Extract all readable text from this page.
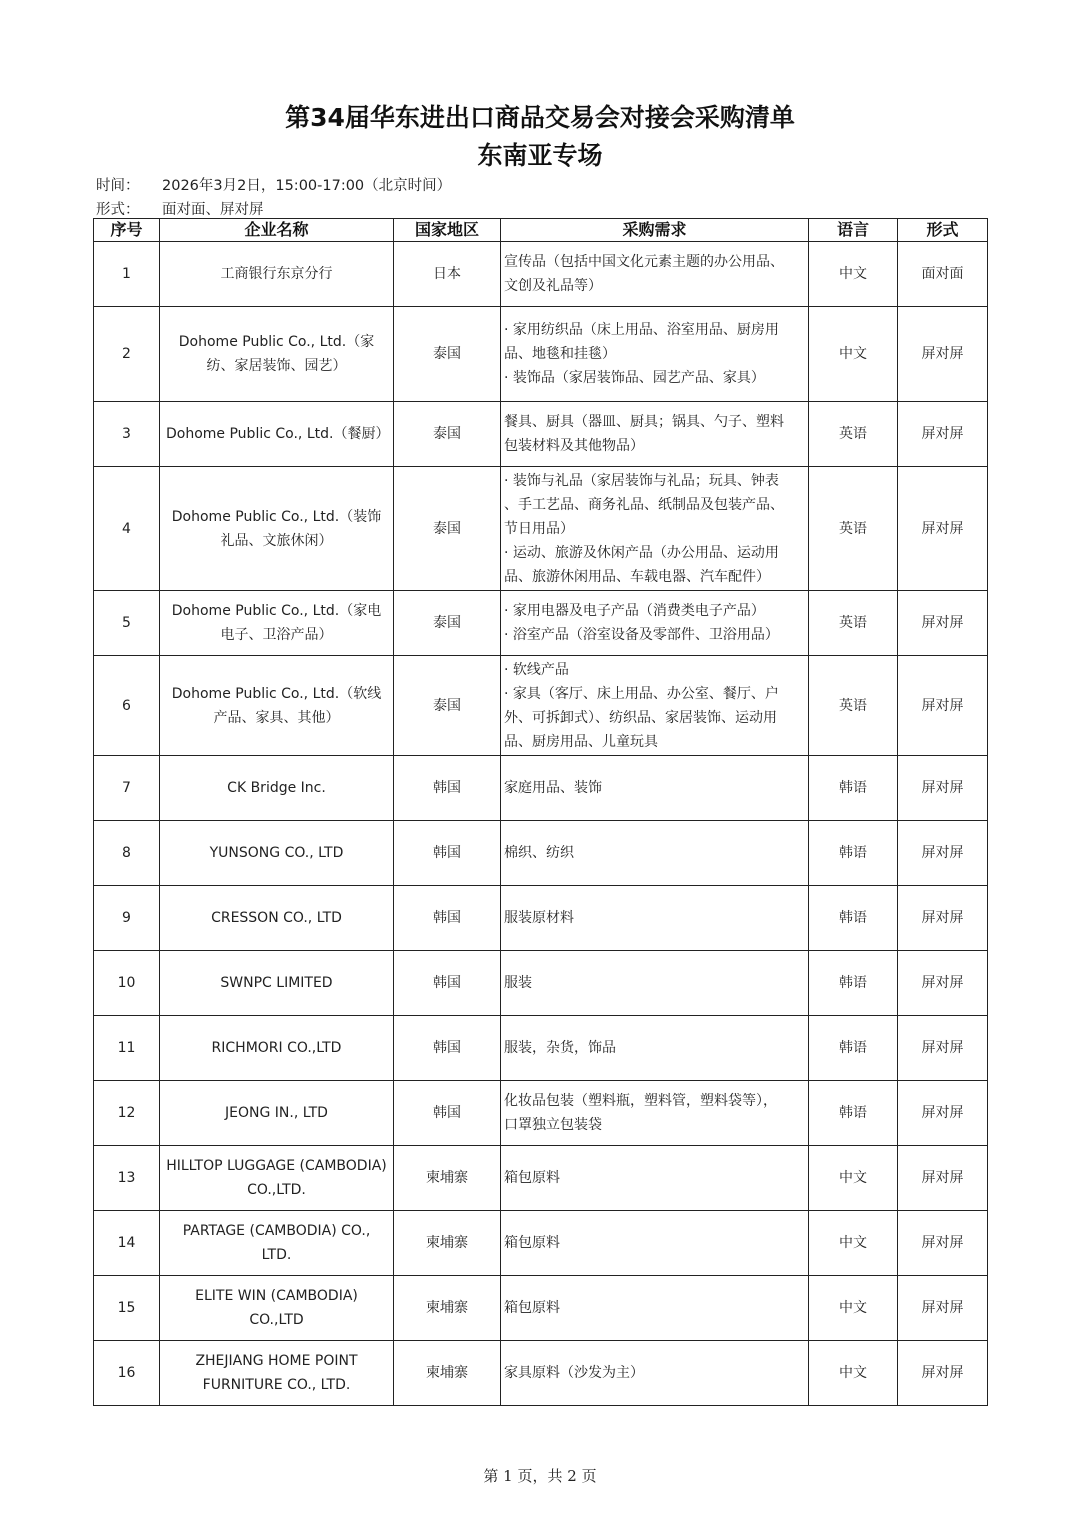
第34届华东进出口商品交易会对接会采购清单
东南亚专场
时间： 2026年3月2日，15:00-17:00（北京时间）
形式： 面对面、屏对屏
序号	企业名称	国家地区	采购需求	语言	形式
1	工商银行东京分行	日本	宣传品（包括中国文化元素主题的办公用品、
文创及礼品等）	中文	面对面
2	Dohome Public Co., Ltd.（家纺、家居装饰、园艺）	泰国	· 家用纺织品（床上用品、浴室用品、厨房用
品、地毯和挂毯）
· 装饰品（家居装饰品、园艺产品、家具）	中文	屏对屏
3	Dohome Public Co., Ltd.（餐厨）	泰国	餐具、厨具（器皿、厨具；锅具、勺子、塑料
包装材料及其他物品）	英语	屏对屏
4	Dohome Public Co., Ltd.（装饰礼品、文旅休闲）	泰国	· 装饰与礼品（家居装饰与礼品；玩具、钟表
、手工艺品、商务礼品、纸制品及包装产品、
节日用品）
· 运动、旅游及休闲产品（办公用品、运动用
品、旅游休闲用品、车载电器、汽车配件）	英语	屏对屏
5	Dohome Public Co., Ltd.（家电电子、卫浴产品）	泰国	· 家用电器及电子产品（消费类电子产品）
· 浴室产品（浴室设备及零部件、卫浴用品）	英语	屏对屏
6	Dohome Public Co., Ltd.（软线产品、家具、其他）	泰国	· 软线产品
· 家具（客厅、床上用品、办公室、餐厅、户
外、可拆卸式）、纺织品、家居装饰、运动用
品、厨房用品、儿童玩具	英语	屏对屏
7	CK Bridge Inc.	韩国	家庭用品、装饰	韩语	屏对屏
8	YUNSONG CO., LTD	韩国	棉织、纺织	韩语	屏对屏
9	CRESSON CO., LTD	韩国	服装原材料	韩语	屏对屏
10	SWNPC LIMITED	韩国	服装	韩语	屏对屏
11	RICHMORI CO.,LTD	韩国	服装，杂货，饰品	韩语	屏对屏
12	JEONG IN., LTD	韩国	化妆品包装（塑料瓶，塑料管，塑料袋等），
口罩独立包装袋	韩语	屏对屏
13	HILLTOP LUGGAGE (CAMBODIA) CO.,LTD.	柬埔寨	箱包原料	中文	屏对屏
14	PARTAGE (CAMBODIA) CO., LTD.	柬埔寨	箱包原料	中文	屏对屏
15	ELITE WIN (CAMBODIA) CO.,LTD	柬埔寨	箱包原料	中文	屏对屏
16	ZHEJIANG HOME POINT FURNITURE CO., LTD.	柬埔寨	家具原料（沙发为主）	中文	屏对屏
第 1 页，共 2 页
